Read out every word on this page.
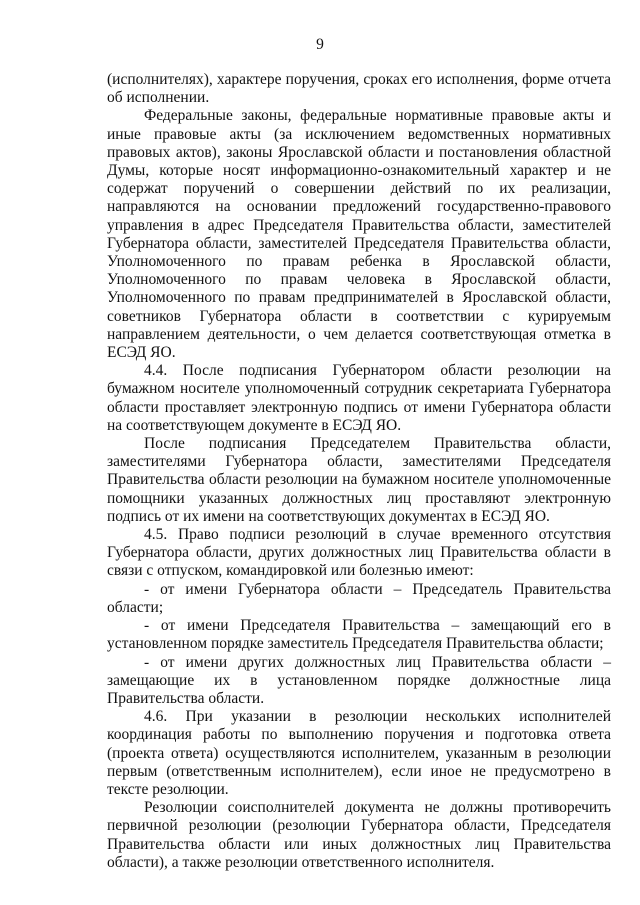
9

(исполнителях), характере поручения, сроках его исполнения, форме отчета об исполнении.

Федеральные законы, федеральные нормативные правовые акты и иные правовые акты (за исключением ведомственных нормативных правовых актов), законы Ярославской области и постановления областной Думы, которые носят информационно-ознакомительный характер и не содержат поручений о совершении действий по их реализации, направляются на основании предложений государственно-правового управления в адрес Председателя Правительства области, заместителей Губернатора области, заместителей Председателя Правительства области, Уполномоченного по правам ребенка в Ярославской области, Уполномоченного по правам человека в Ярославской области, Уполномоченного по правам предпринимателей в Ярославской области, советников Губернатора области в соответствии с курируемым направлением деятельности, о чем делается соответствующая отметка в ЕСЭД ЯО.

4.4. После подписания Губернатором области резолюции на бумажном носителе уполномоченный сотрудник секретариата Губернатора области проставляет электронную подпись от имени Губернатора области на соответствующем документе в ЕСЭД ЯО.

После подписания Председателем Правительства области, заместителями Губернатора области, заместителями Председателя Правительства области резолюции на бумажном носителе уполномоченные помощники указанных должностных лиц проставляют электронную подпись от их имени на соответствующих документах в ЕСЭД ЯО.

4.5. Право подписи резолюций в случае временного отсутствия Губернатора области, других должностных лиц Правительства области в связи с отпуском, командировкой или болезнью имеют:

- от имени Губернатора области – Председатель Правительства области;

- от имени Председателя Правительства – замещающий его в установленном порядке заместитель Председателя Правительства области;

- от имени других должностных лиц Правительства области – замещающие их в установленном порядке должностные лица Правительства области.

4.6. При указании в резолюции нескольких исполнителей координация работы по выполнению поручения и подготовка ответа (проекта ответа) осуществляются исполнителем, указанным в резолюции первым (ответственным исполнителем), если иное не предусмотрено в тексте резолюции.

Резолюции соисполнителей документа не должны противоречить первичной резолюции (резолюции Губернатора области, Председателя Правительства области или иных должностных лиц Правительства области), а также резолюции ответственного исполнителя.
